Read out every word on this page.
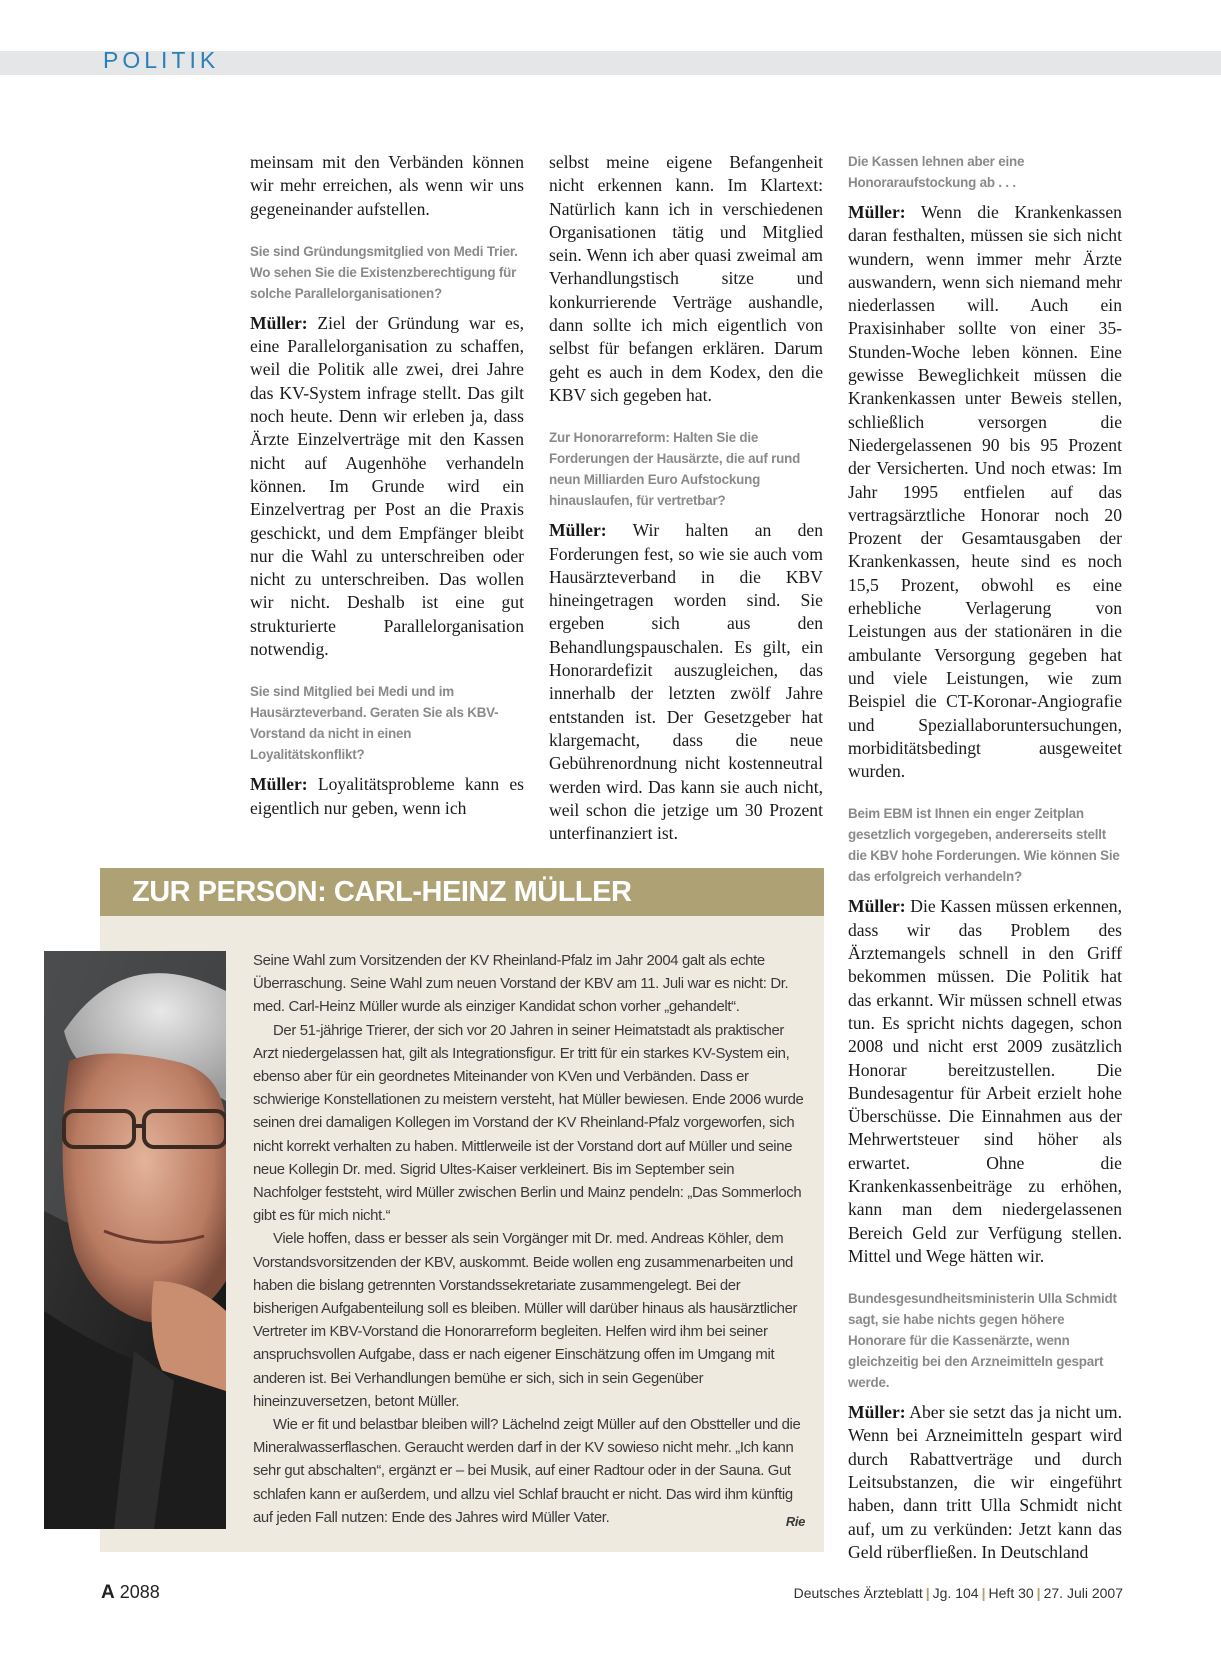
POLITIK

meinsam mit den Verbänden können wir mehr erreichen, als wenn wir uns gegeneinander aufstellen.

Sie sind Gründungsmitglied von Medi Trier. Wo sehen Sie die Existenzberechtigung für solche Parallelorganisationen?

Müller: Ziel der Gründung war es, eine Parallelorganisation zu schaffen, weil die Politik alle zwei, drei Jahre das KV-System infrage stellt. Das gilt noch heute. Denn wir erleben ja, dass Ärzte Einzelverträge mit den Kassen nicht auf Augenhöhe verhandeln können. Im Grunde wird ein Einzelvertrag per Post an die Praxis geschickt, und dem Empfänger bleibt nur die Wahl zu unterschreiben oder nicht zu unterschreiben. Das wollen wir nicht. Deshalb ist eine gut strukturierte Parallelorganisation notwendig.

Sie sind Mitglied bei Medi und im Hausärzteverband. Geraten Sie als KBV-Vorstand da nicht in einen Loyalitätskonflikt?

Müller: Loyalitätsprobleme kann es eigentlich nur geben, wenn ich

selbst meine eigene Befangenheit nicht erkennen kann. Im Klartext: Natürlich kann ich in verschiedenen Organisationen tätig und Mitglied sein. Wenn ich aber quasi zweimal am Verhandlungstisch sitze und konkurrierende Verträge aushandle, dann sollte ich mich eigentlich von selbst für befangen erklären. Darum geht es auch in dem Kodex, den die KBV sich gegeben hat.

Zur Honorarreform: Halten Sie die Forderungen der Hausärzte, die auf rund neun Milliarden Euro Aufstockung hinauslaufen, für vertretbar?

Müller: Wir halten an den Forderungen fest, so wie sie auch vom Hausärzteverband in die KBV hineingetragen worden sind. Sie ergeben sich aus den Behandlungspauschalen. Es gilt, ein Honorardefizit auszugleichen, das innerhalb der letzten zwölf Jahre entstanden ist. Der Gesetzgeber hat klargemacht, dass die neue Gebührenordnung nicht kostenneutral werden wird. Das kann sie auch nicht, weil schon die jetzige um 30 Prozent unterfinanziert ist.

Die Kassen lehnen aber eine Honoraraufstockung ab . . .

Müller: Wenn die Krankenkassen daran festhalten, müssen sie sich nicht wundern, wenn immer mehr Ärzte auswandern, wenn sich niemand mehr niederlassen will. Auch ein Praxisinhaber sollte von einer 35-Stunden-Woche leben können. Eine gewisse Beweglichkeit müssen die Krankenkassen unter Beweis stellen, schließlich versorgen die Niedergelassenen 90 bis 95 Prozent der Versicherten. Und noch etwas: Im Jahr 1995 entfielen auf das vertragsärztliche Honorar noch 20 Prozent der Gesamtausgaben der Krankenkassen, heute sind es noch 15,5 Prozent, obwohl es eine erhebliche Verlagerung von Leistungen aus der stationären in die ambulante Versorgung gegeben hat und viele Leistungen, wie zum Beispiel die CT-Koronar-Angiografie und Speziallaboruntersuchungen, morbiditätsbedingt ausgeweitet wurden.

Beim EBM ist Ihnen ein enger Zeitplan gesetzlich vorgegeben, andererseits stellt die KBV hohe Forderungen. Wie können Sie das erfolgreich verhandeln?

Müller: Die Kassen müssen erkennen, dass wir das Problem des Ärztemangels schnell in den Griff bekommen müssen. Die Politik hat das erkannt. Wir müssen schnell etwas tun. Es spricht nichts dagegen, schon 2008 und nicht erst 2009 zusätzlich Honorar bereitzustellen. Die Bundesagentur für Arbeit erzielt hohe Überschüsse. Die Einnahmen aus der Mehrwertsteuer sind höher als erwartet. Ohne die Krankenkassenbeiträge zu erhöhen, kann man dem niedergelassenen Bereich Geld zur Verfügung stellen. Mittel und Wege hätten wir.

Bundesgesundheitsministerin Ulla Schmidt sagt, sie habe nichts gegen höhere Honorare für die Kassenärzte, wenn gleichzeitig bei den Arzneimitteln gespart werde.

Müller: Aber sie setzt das ja nicht um. Wenn bei Arzneimitteln gespart wird durch Rabattverträge und durch Leitsubstanzen, die wir eingeführt haben, dann tritt Ulla Schmidt nicht auf, um zu verkünden: Jetzt kann das Geld rüberfließen. In Deutschland

ZUR PERSON: CARL-HEINZ MÜLLER

Seine Wahl zum Vorsitzenden der KV Rheinland-Pfalz im Jahr 2004 galt als echte Überraschung. Seine Wahl zum neuen Vorstand der KBV am 11. Juli war es nicht: Dr. med. Carl-Heinz Müller wurde als einziger Kandidat schon vorher „gehandelt“.

Der 51-jährige Trierer, der sich vor 20 Jahren in seiner Heimatstadt als praktischer Arzt niedergelassen hat, gilt als Integrationsfigur. Er tritt für ein starkes KV-System ein, ebenso aber für ein geordnetes Miteinander von KVen und Verbänden. Dass er schwierige Konstellationen zu meistern versteht, hat Müller bewiesen. Ende 2006 wurde seinen drei damaligen Kollegen im Vorstand der KV Rheinland-Pfalz vorgeworfen, sich nicht korrekt verhalten zu haben. Mittlerweile ist der Vorstand dort auf Müller und seine neue Kollegin Dr. med. Sigrid Ultes-Kaiser verkleinert. Bis im September sein Nachfolger feststeht, wird Müller zwischen Berlin und Mainz pendeln: „Das Sommerloch gibt es für mich nicht.“

Viele hoffen, dass er besser als sein Vorgänger mit Dr. med. Andreas Köhler, dem Vorstandsvorsitzenden der KBV, auskommt. Beide wollen eng zusammenarbeiten und haben die bislang getrennten Vorstandssekretariate zusammengelegt. Bei der bisherigen Aufgabenteilung soll es bleiben. Müller will darüber hinaus als hausärztlicher Vertreter im KBV-Vorstand die Honorarreform begleiten. Helfen wird ihm bei seiner anspruchsvollen Aufgabe, dass er nach eigener Einschätzung offen im Umgang mit anderen ist. Bei Verhandlungen bemühe er sich, sich in sein Gegenüber hineinzuversetzen, betont Müller.

Wie er fit und belastbar bleiben will? Lächelnd zeigt Müller auf den Obstteller und die Mineralwasserflaschen. Geraucht werden darf in der KV sowieso nicht mehr. „Ich kann sehr gut abschalten“, ergänzt er – bei Musik, auf einer Radtour oder in der Sauna. Gut schlafen kann er außerdem, und allzu viel Schlaf braucht er nicht. Das wird ihm künftig auf jeden Fall nutzen: Ende des Jahres wird Müller Vater.	Rie

A 2088	Deutsches Ärzteblatt | Jg. 104 | Heft 30 | 27. Juli 2007
